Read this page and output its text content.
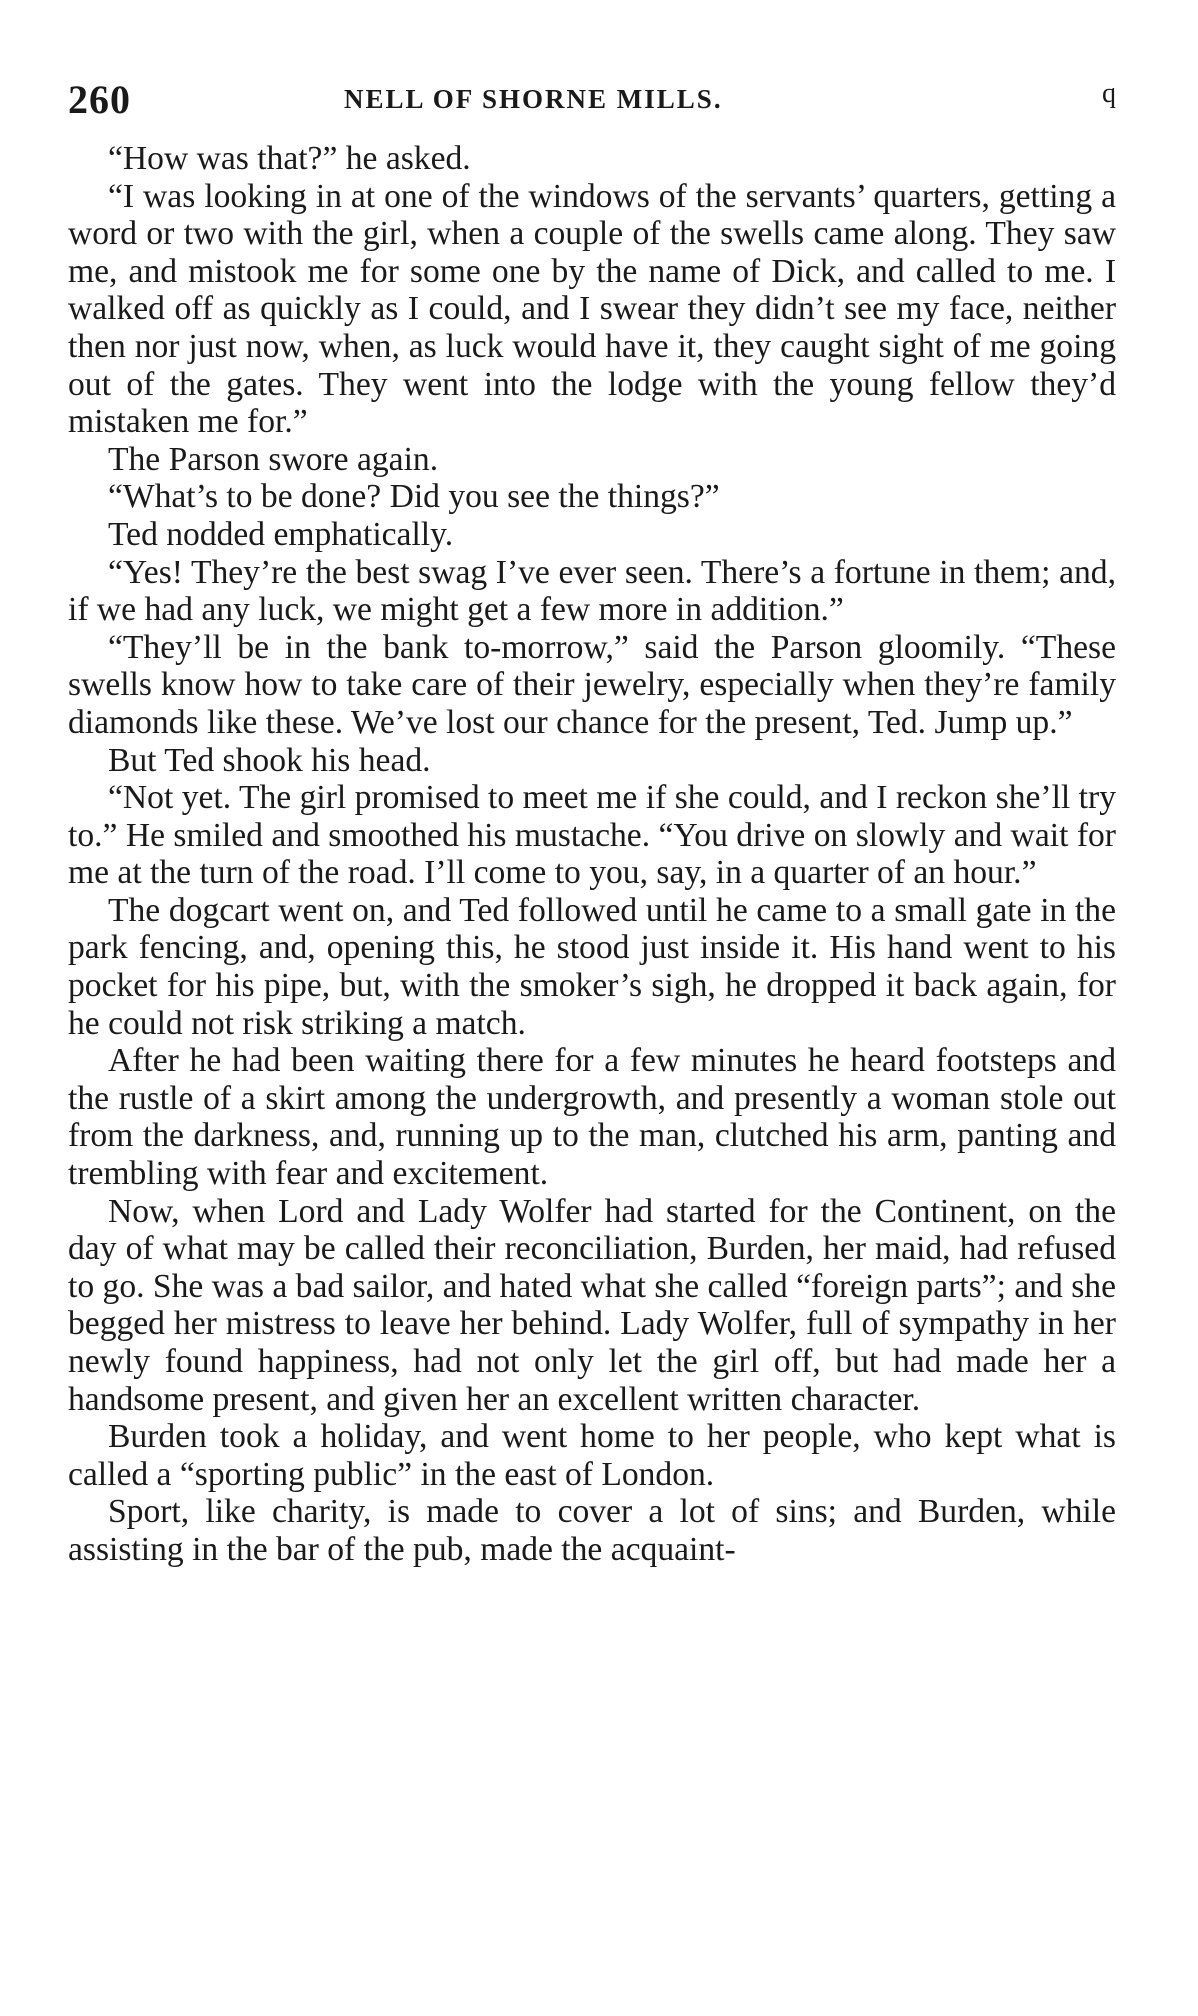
260	NELL OF SHORNE MILLS.	q

“How was that?” he asked.

“I was looking in at one of the windows of the servants’ quarters, getting a word or two with the girl, when a couple of the swells came along. They saw me, and mistook me for some one by the name of Dick, and called to me. I walked off as quickly as I could, and I swear they didn’t see my face, neither then nor just now, when, as luck would have it, they caught sight of me going out of the gates. They went into the lodge with the young fellow they’d mistaken me for.”

The Parson swore again.

“What’s to be done? Did you see the things?”

Ted nodded emphatically.

“Yes! They’re the best swag I’ve ever seen. There’s a fortune in them; and, if we had any luck, we might get a few more in addition.”

“They’ll be in the bank to-morrow,” said the Parson gloomily. “These swells know how to take care of their jewelry, especially when they’re family diamonds like these. We’ve lost our chance for the present, Ted. Jump up.”

But Ted shook his head.

“Not yet. The girl promised to meet me if she could, and I reckon she’ll try to.” He smiled and smoothed his mustache. “You drive on slowly and wait for me at the turn of the road. I’ll come to you, say, in a quarter of an hour.”

The dogcart went on, and Ted followed until he came to a small gate in the park fencing, and, opening this, he stood just inside it. His hand went to his pocket for his pipe, but, with the smoker’s sigh, he dropped it back again, for he could not risk striking a match.

After he had been waiting there for a few minutes he heard footsteps and the rustle of a skirt among the undergrowth, and presently a woman stole out from the darkness, and, running up to the man, clutched his arm, panting and trembling with fear and excitement.

Now, when Lord and Lady Wolfer had started for the Continent, on the day of what may be called their reconciliation, Burden, her maid, had refused to go. She was a bad sailor, and hated what she called “foreign parts”; and she begged her mistress to leave her behind. Lady Wolfer, full of sympathy in her newly found happiness, had not only let the girl off, but had made her a handsome present, and given her an excellent written character.

Burden took a holiday, and went home to her people, who kept what is called a “sporting public” in the east of London.

Sport, like charity, is made to cover a lot of sins; and Burden, while assisting in the bar of the pub, made the acquaint-
